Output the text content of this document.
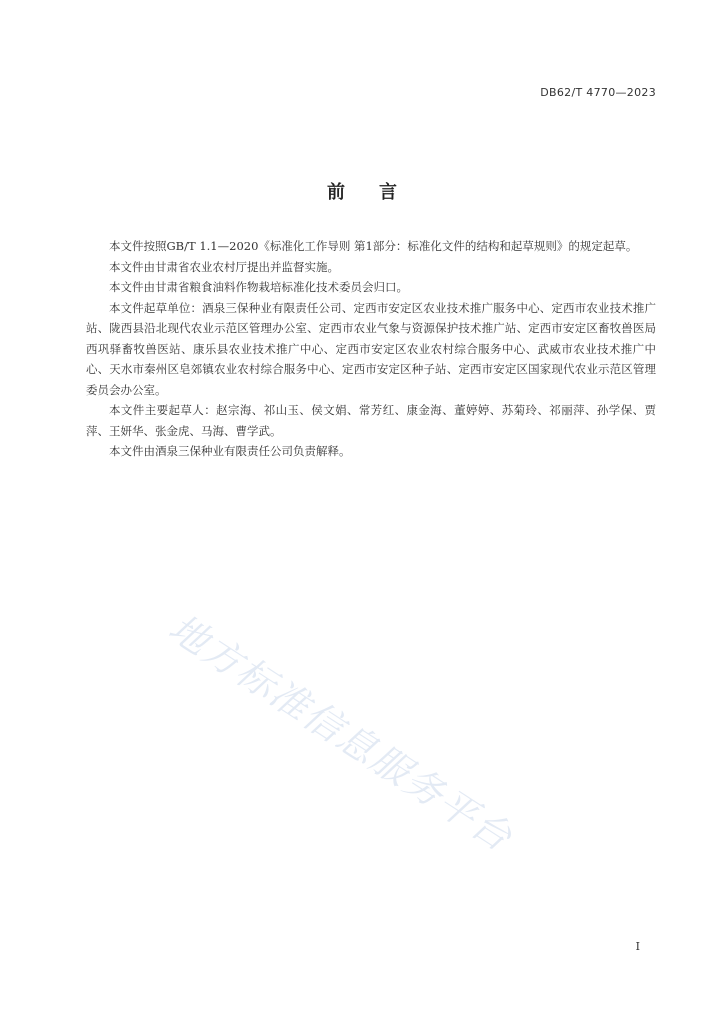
DB62/T 4770—2023
前言

本文件按照GB/T 1.1—2020《标准化工作导则 第1部分：标准化文件的结构和起草规则》的规定起草。

本文件由甘肃省农业农村厅提出并监督实施。

本文件由甘肃省粮食油料作物栽培标准化技术委员会归口。

本文件起草单位：酒泉三保种业有限责任公司、定西市安定区农业技术推广服务中心、定西市农业技术推广站、陇西县沿北现代农业示范区管理办公室、定西市农业气象与资源保护技术推广站、定西市安定区畜牧兽医局西巩驿畜牧兽医站、康乐县农业技术推广中心、定西市安定区农业农村综合服务中心、武威市农业技术推广中心、天水市秦州区皂郊镇农业农村综合服务中心、定西市安定区种子站、定西市安定区国家现代农业示范区管理委员会办公室。

本文件主要起草人：赵宗海、祁山玉、侯文娟、常芳红、康金海、董婷婷、苏菊玲、祁丽萍、孙学保、贾萍、王妍华、张金虎、马海、曹学武。

本文件由酒泉三保种业有限责任公司负责解释。

地方标准信息服务平台
I
